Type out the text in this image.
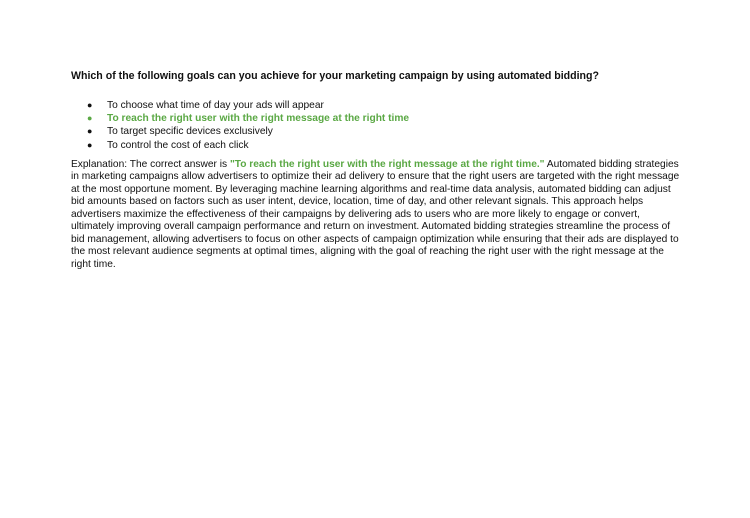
Which of the following goals can you achieve for your marketing campaign by using automated bidding?
● To choose what time of day your ads will appear
● To reach the right user with the right message at the right time
● To target specific devices exclusively
● To control the cost of each click

Explanation: The correct answer is "To reach the right user with the right message at the right time." Automated bidding strategies in marketing campaigns allow advertisers to optimize their ad delivery to ensure that the right users are targeted with the right message at the most opportune moment. By leveraging machine learning algorithms and real-time data analysis, automated bidding can adjust bid amounts based on factors such as user intent, device, location, time of day, and other relevant signals. This approach helps advertisers maximize the effectiveness of their campaigns by delivering ads to users who are more likely to engage or convert, ultimately improving overall campaign performance and return on investment. Automated bidding strategies streamline the process of bid management, allowing advertisers to focus on other aspects of campaign optimization while ensuring that their ads are displayed to the most relevant audience segments at optimal times, aligning with the goal of reaching the right user with the right message at the right time.
